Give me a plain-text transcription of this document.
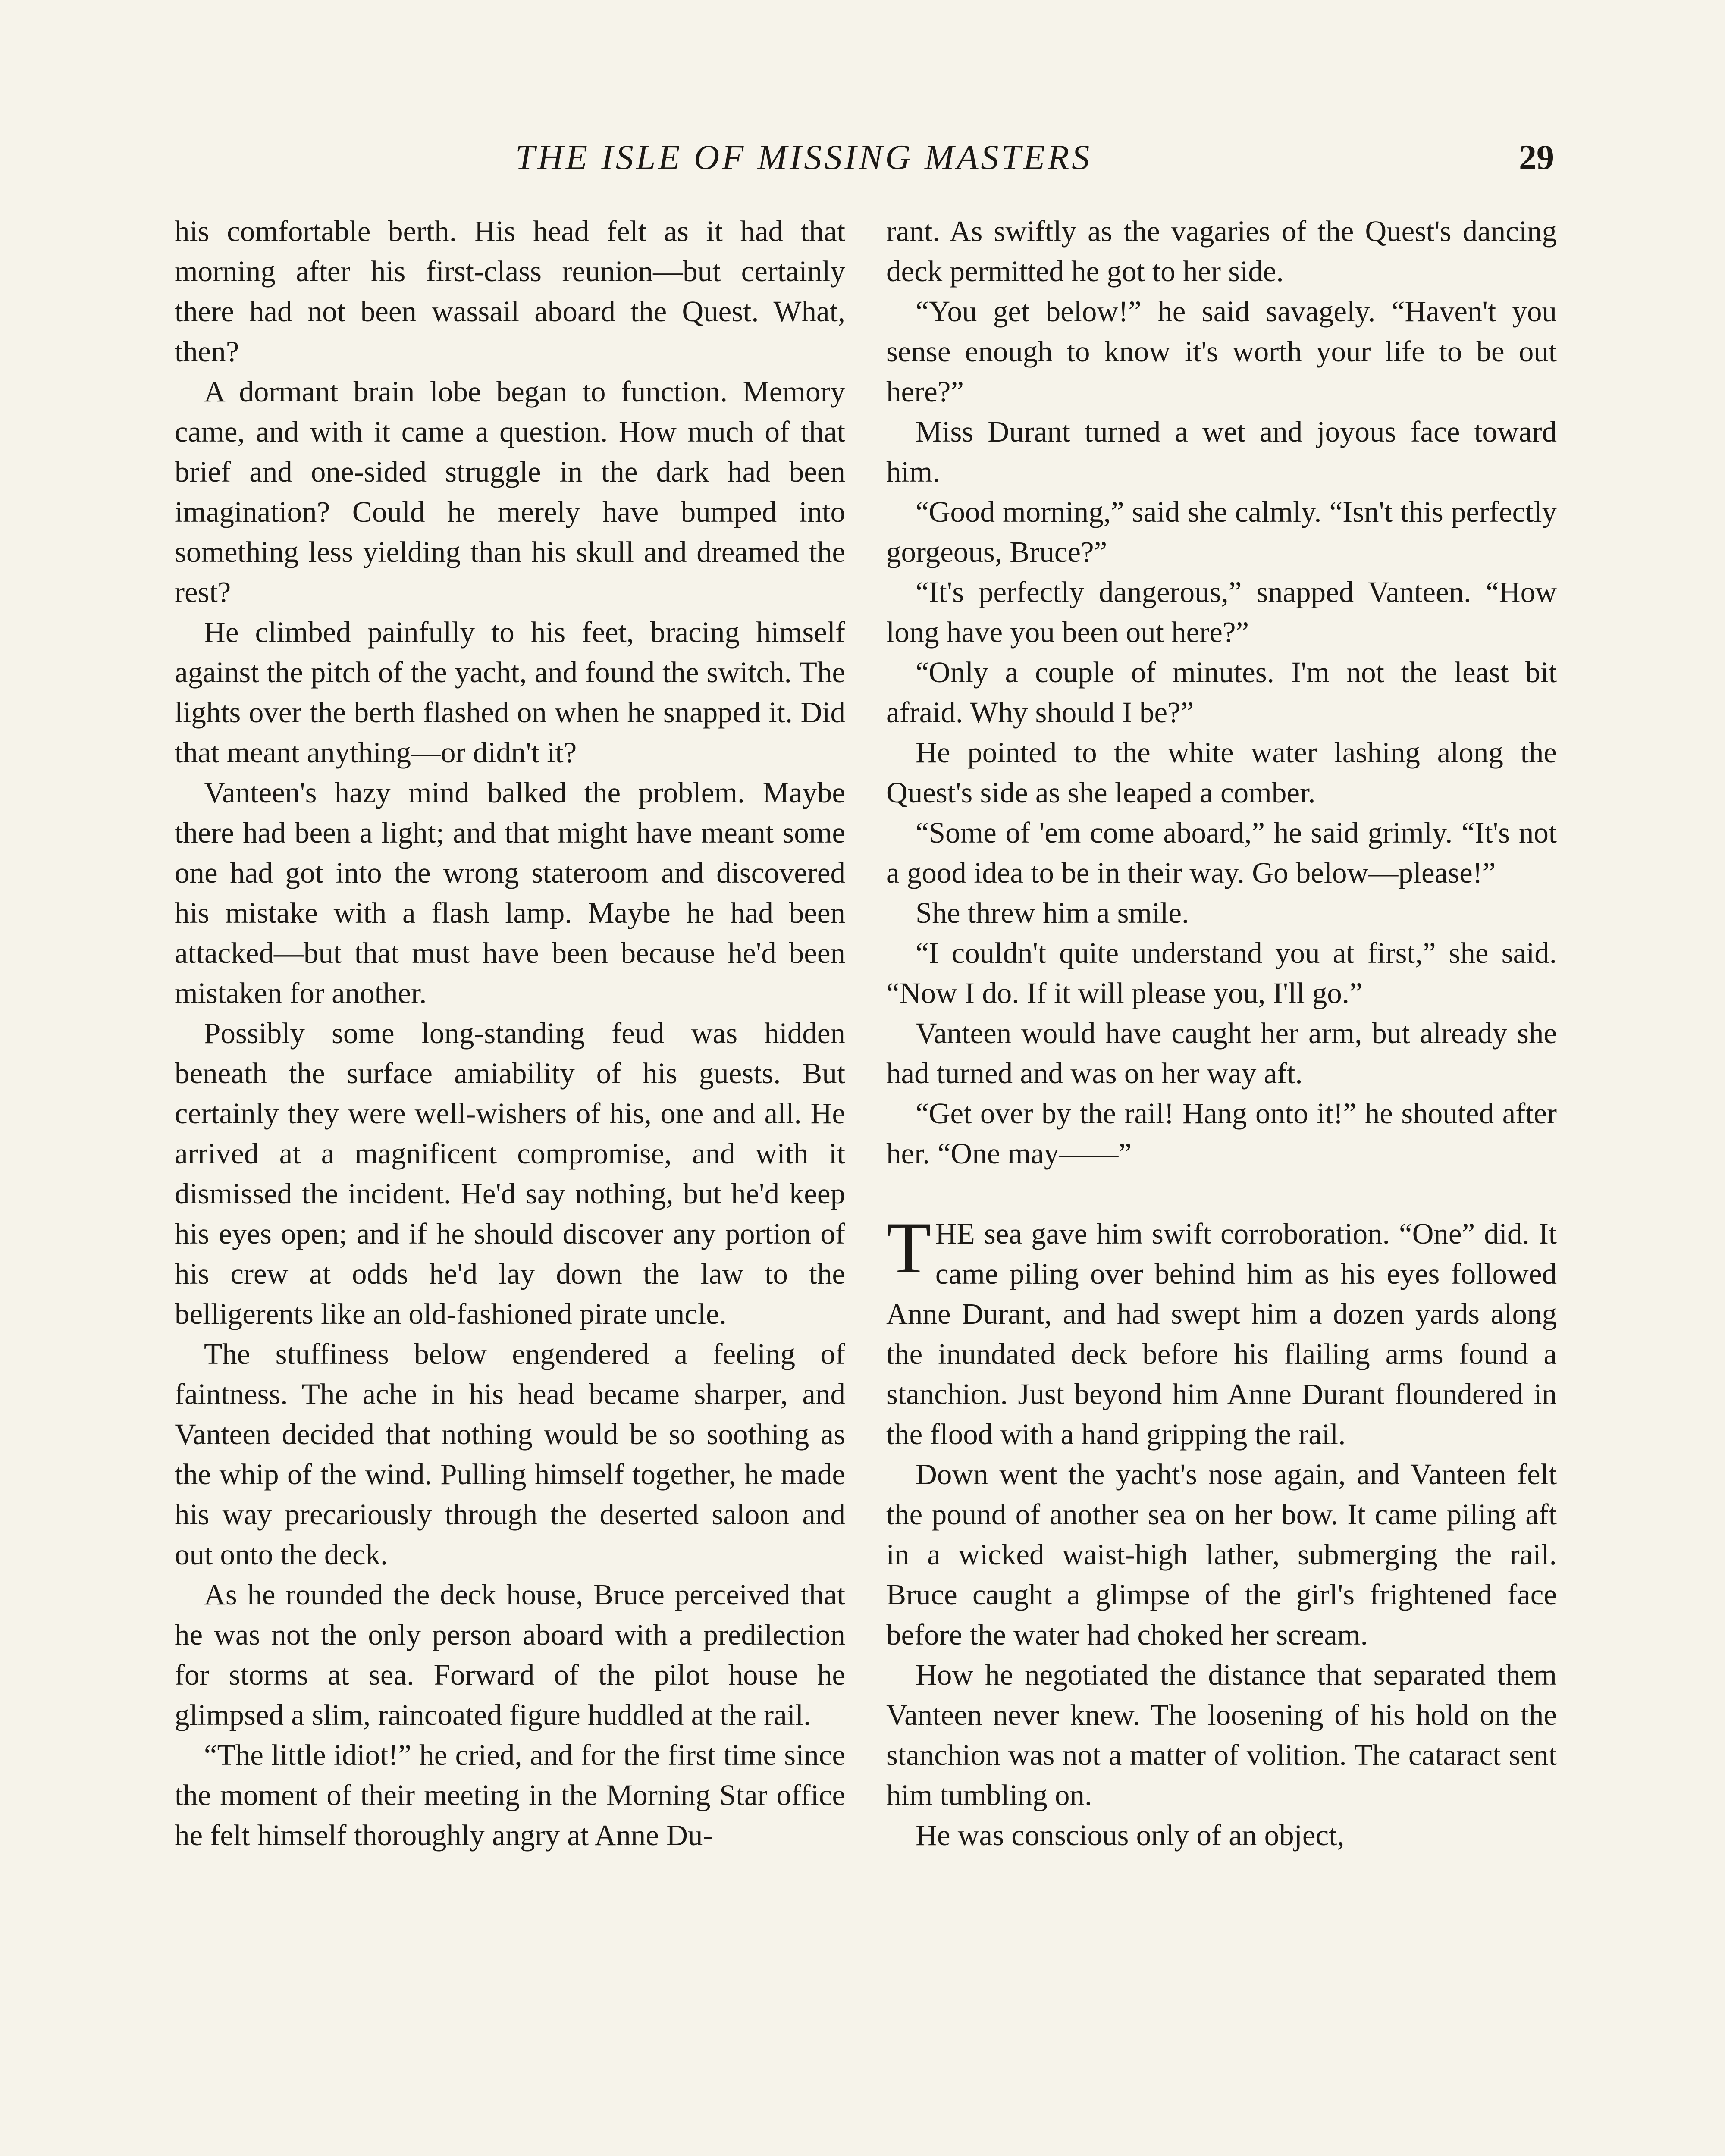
THE ISLE OF MISSING MASTERS	29

his comfortable berth. His head felt as it had that morning after his first-class reunion—but certainly there had not been wassail aboard the Quest. What, then?

A dormant brain lobe began to function. Memory came, and with it came a question. How much of that brief and one-sided struggle in the dark had been imagination? Could he merely have bumped into something less yielding than his skull and dreamed the rest?

He climbed painfully to his feet, bracing himself against the pitch of the yacht, and found the switch. The lights over the berth flashed on when he snapped it. Did that meant anything—or didn't it?

Vanteen's hazy mind balked the problem. Maybe there had been a light; and that might have meant some one had got into the wrong stateroom and discovered his mistake with a flash lamp. Maybe he had been attacked—but that must have been because he'd been mistaken for another.

Possibly some long-standing feud was hidden beneath the surface amiability of his guests. But certainly they were well-wishers of his, one and all. He arrived at a magnificent compromise, and with it dismissed the incident. He'd say nothing, but he'd keep his eyes open; and if he should discover any portion of his crew at odds he'd lay down the law to the belligerents like an old-fashioned pirate uncle.

The stuffiness below engendered a feeling of faintness. The ache in his head became sharper, and Vanteen decided that nothing would be so soothing as the whip of the wind. Pulling himself together, he made his way precariously through the deserted saloon and out onto the deck.

As he rounded the deck house, Bruce perceived that he was not the only person aboard with a predilection for storms at sea. Forward of the pilot house he glimpsed a slim, raincoated figure huddled at the rail.

“The little idiot!” he cried, and for the first time since the moment of their meeting in the Morning Star office he felt himself thoroughly angry at Anne Du-

rant. As swiftly as the vagaries of the Quest's dancing deck permitted he got to her side.

“You get below!” he said savagely. “Haven't you sense enough to know it's worth your life to be out here?”

Miss Durant turned a wet and joyous face toward him.

“Good morning,” said she calmly. “Isn't this perfectly gorgeous, Bruce?”

“It's perfectly dangerous,” snapped Vanteen. “How long have you been out here?”

“Only a couple of minutes. I'm not the least bit afraid. Why should I be?”

He pointed to the white water lashing along the Quest's side as she leaped a comber.

“Some of 'em come aboard,” he said grimly. “It's not a good idea to be in their way. Go below—please!”

She threw him a smile.

“I couldn't quite understand you at first,” she said. “Now I do. If it will please you, I'll go.”

Vanteen would have caught her arm, but already she had turned and was on her way aft.

“Get over by the rail! Hang onto it!” he shouted after her. “One may——”

THE sea gave him swift corroboration. “One” did. It came piling over behind him as his eyes followed Anne Durant, and had swept him a dozen yards along the inundated deck before his flailing arms found a stanchion. Just beyond him Anne Durant floundered in the flood with a hand gripping the rail.

Down went the yacht's nose again, and Vanteen felt the pound of another sea on her bow. It came piling aft in a wicked waist-high lather, submerging the rail. Bruce caught a glimpse of the girl's frightened face before the water had choked her scream.

How he negotiated the distance that separated them Vanteen never knew. The loosening of his hold on the stanchion was not a matter of volition. The cataract sent him tumbling on.

He was conscious only of an object,
